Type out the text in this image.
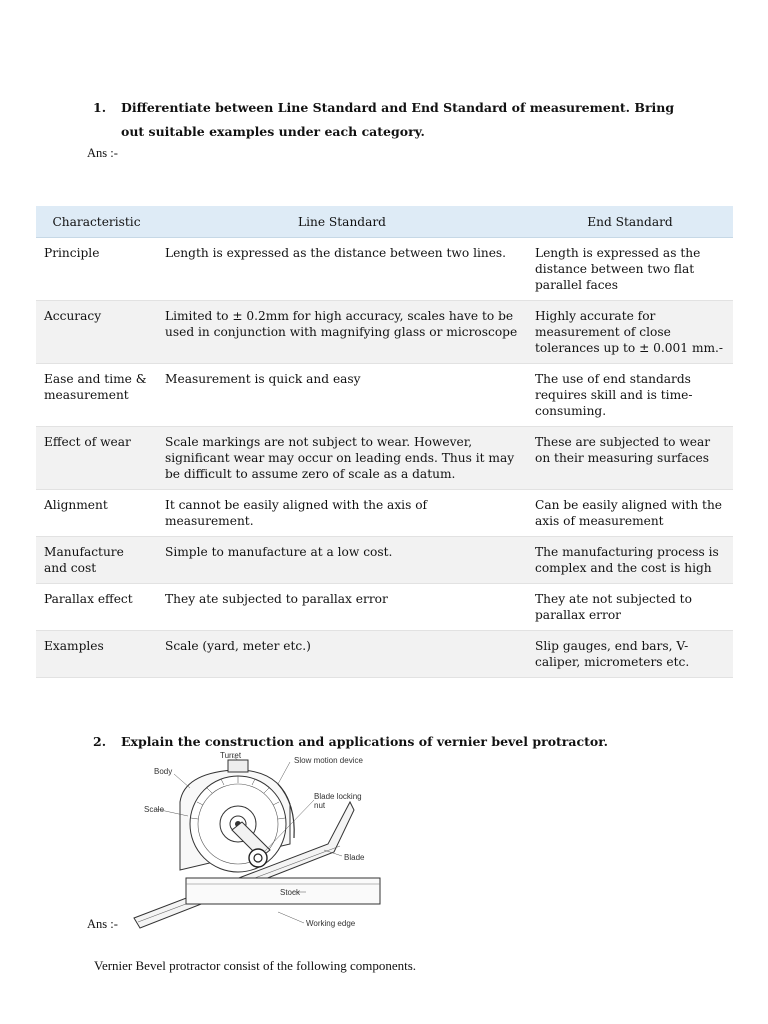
1. Differentiate between Line Standard and End Standard of measurement. Bring out suitable examples under each category.
Ans :-
Characteristic	Line Standard	End Standard
Principle	Length is expressed as the distance between two lines.	Length is expressed as the distance between two flat parallel faces
Accuracy	Limited to ± 0.2mm for high accuracy, scales have to be used in conjunction with magnifying glass or microscope	Highly accurate for measurement of close tolerances up to ± 0.001 mm.-
Ease and time & measurement	Measurement is quick and easy	The use of end standards requires skill and is time-consuming.
Effect of wear	Scale markings are not subject to wear. However, significant wear may occur on leading ends. Thus it may be difficult to assume zero of scale as a datum.	These are subjected to wear on their measuring surfaces
Alignment	It cannot be easily aligned with the axis of measurement.	Can be easily aligned with the axis of measurement
Manufacture and cost	Simple to manufacture at a low cost.	The manufacturing process is complex and the cost is high
Parallax effect	They ate subjected to parallax error	They ate not subjected to parallax error
Examples	Scale (yard, meter etc.)	Slip gauges, end bars, V-caliper, micrometers etc.
2. Explain the construction and applications of vernier bevel protractor.
Turret
Slow motion device
Body
Blade locking
nut
Scale
Blade
Stock
Working edge
Ans :-
Vernier Bevel protractor consist of the following components.
